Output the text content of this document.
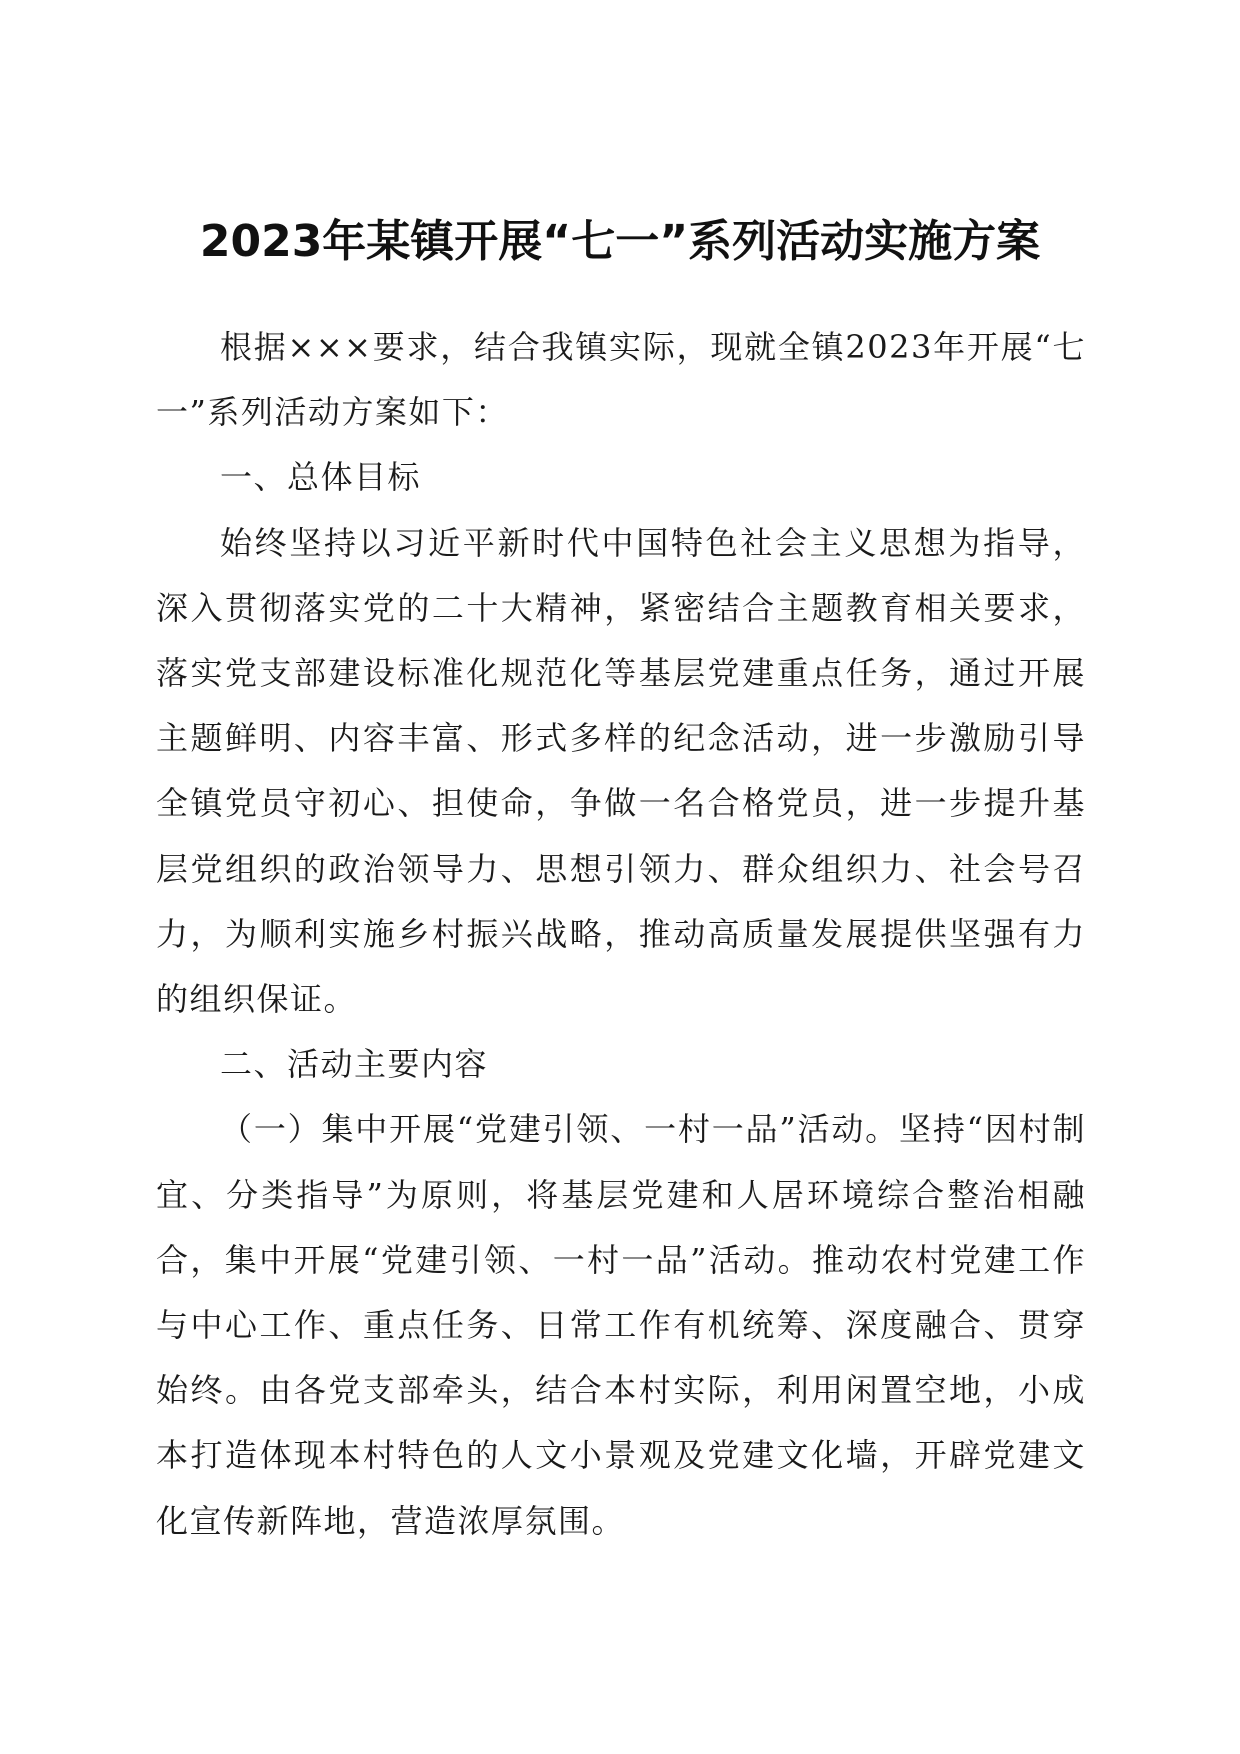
2023年某镇开展“七一”系列活动实施方案

根据×××要求，结合我镇实际，现就全镇2023年开展“七一”系列活动方案如下：

一、总体目标

始终坚持以习近平新时代中国特色社会主义思想为指导，深入贯彻落实党的二十大精神，紧密结合主题教育相关要求，落实党支部建设标准化规范化等基层党建重点任务，通过开展主题鲜明、内容丰富、形式多样的纪念活动，进一步激励引导全镇党员守初心、担使命，争做一名合格党员，进一步提升基层党组织的政治领导力、思想引领力、群众组织力、社会号召力，为顺利实施乡村振兴战略，推动高质量发展提供坚强有力的组织保证。

二、活动主要内容

（一）集中开展“党建引领、一村一品”活动。坚持“因村制宜、分类指导”为原则，将基层党建和人居环境综合整治相融合，集中开展“党建引领、一村一品”活动。推动农村党建工作与中心工作、重点任务、日常工作有机统筹、深度融合、贯穿始终。由各党支部牵头，结合本村实际，利用闲置空地，小成本打造体现本村特色的人文小景观及党建文化墙，开辟党建文化宣传新阵地，营造浓厚氛围。
